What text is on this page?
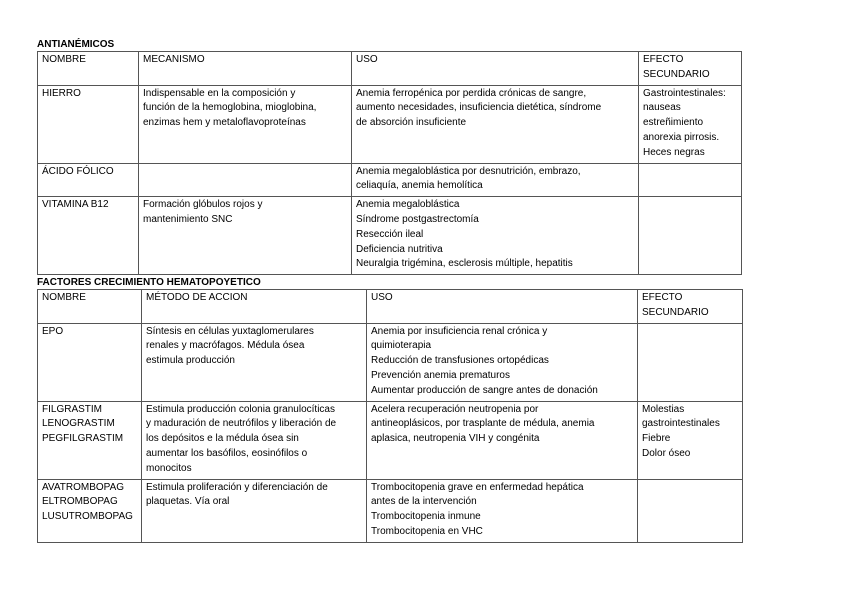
ANTIANÉMICOS
NOMBRE	MECANISMO	USO	EFECTO
SECUNDARIO

HIERRO	Indispensable en la composición y
función de la hemoglobina, mioglobina,
enzimas hem y metaloflavoproteínas	Anemia ferropénica por perdida crónicas de sangre,
aumento necesidades, insuficiencia dietética, síndrome
de absorción insuficiente	Gastrointestinales:
nauseas
estreñimiento
anorexia pirrosis.
Heces negras

ÁCIDO FÓLICO		Anemia megaloblástica por desnutrición, embrazo,
celiaquía, anemia hemolítica	

VITAMINA B12	Formación glóbulos rojos y
mantenimiento SNC	Anemia megaloblástica
Síndrome postgastrectomía
Resección ileal
Deficiencia nutritiva
Neuralgia trigémina, esclerosis múltiple, hepatitis	

FACTORES CRECIMIENTO HEMATOPOYETICO
NOMBRE	MÉTODO DE ACCION	USO	EFECTO
SECUNDARIO

EPO	Síntesis en células yuxtaglomerulares
renales y macrófagos. Médula ósea
estimula producción	Anemia por insuficiencia renal crónica y
quimioterapia
Reducción de transfusiones ortopédicas
Prevención anemia prematuros
Aumentar producción de sangre antes de donación	

FILGRASTIM
LENOGRASTIM
PEGFILGRASTIM	Estimula producción colonia granulocíticas
y maduración de neutrófilos y liberación de
los depósitos e la médula ósea sin
aumentar los basófilos, eosinófilos o
monocitos	Acelera recuperación neutropenia por
antineoplásicos, por trasplante de médula, anemia
aplasica, neutropenia VIH y congénita	Molestias
gastrointestinales
Fiebre
Dolor óseo

AVATROMBOPAG
ELTROMBOPAG
LUSUTROMBOPAG	Estimula proliferación y diferenciación de
plaquetas. Vía oral	Trombocitopenia grave en enfermedad hepática
antes de la intervención
Trombocitopenia inmune
Trombocitopenia en VHC	
